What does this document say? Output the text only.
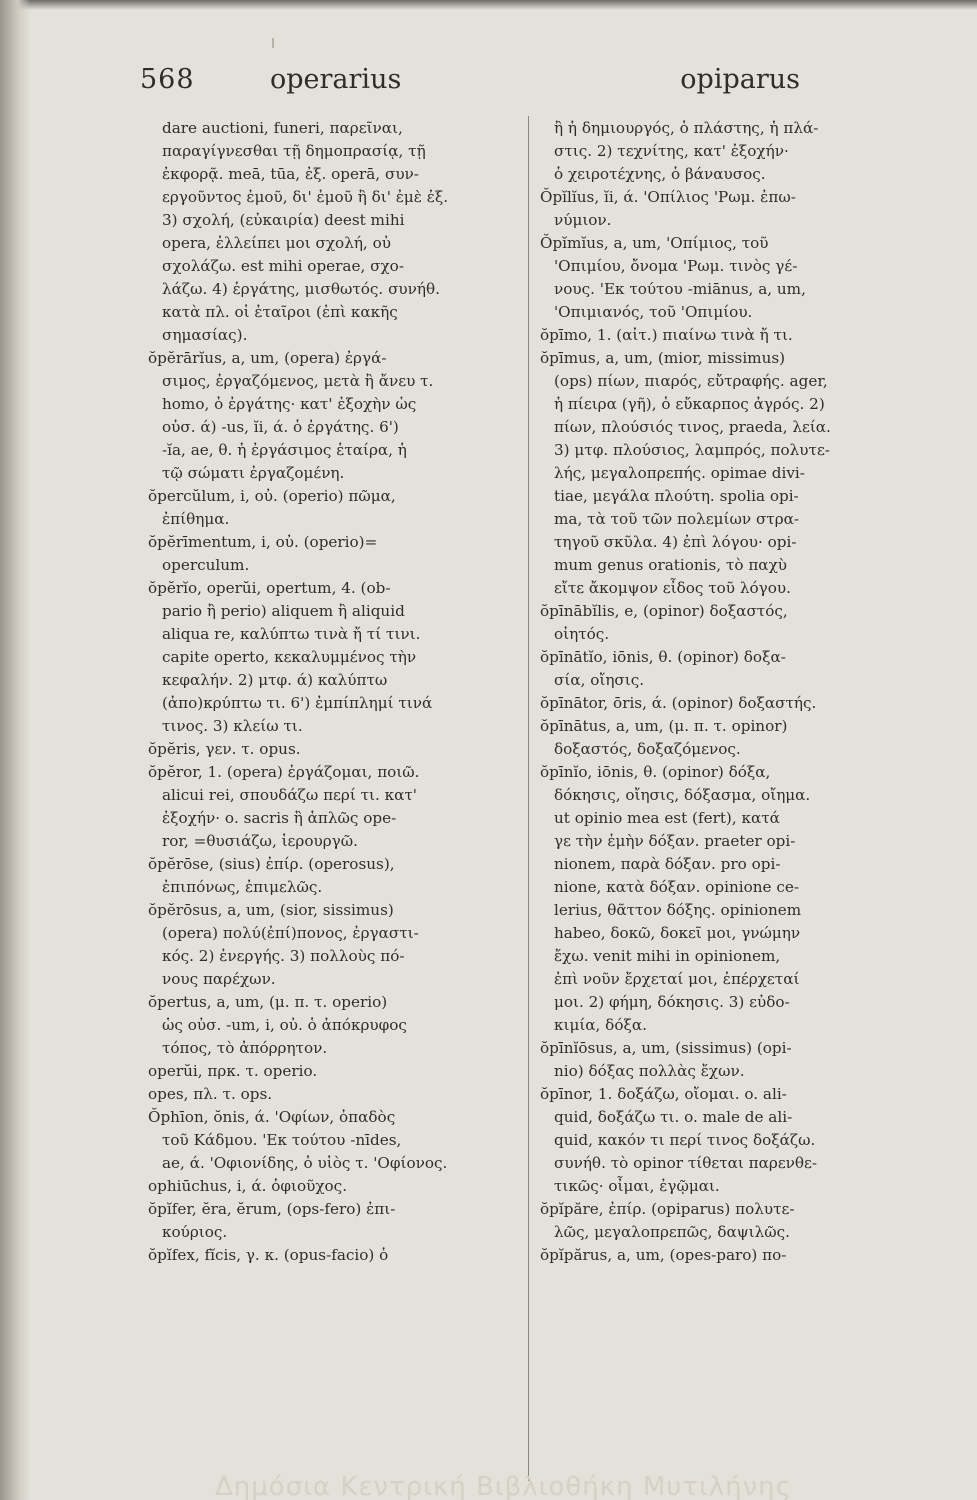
568	operarius	opiparus
dare auctioni, funeri, παρεῖναι,
παραγίγνεσθαι τῇ δημοπρασίᾳ, τῇ
ἐκφορᾷ. meā, tūa, ἐξ. operā, συν-
εργοῦντος ἐμοῦ, δι' ἐμοῦ ἢ δι' ἐμὲ ἐξ.
3) σχολή, (εὐκαιρία) deest mihi
opera, ἐλλείπει μοι σχολή, οὐ
σχολάζω. est mihi operae, σχο-
λάζω. 4) ἐργάτης, μισθωτός. συνήθ.
κατὰ πλ. οἱ ἑταῖροι (ἐπὶ κακῆς
σημασίας).
ŏpĕrārĭus, a, um, (opera) ἐργά-
σιμος, ἐργαζόμενος, μετὰ ἢ ἄνευ τ.
homo, ὁ ἐργάτης· κατ' ἐξοχὴν ὡς
οὐσ. ά) -us, ĭi, ά. ὁ ἐργάτης. 6')
-ĭa, ae, θ. ἡ ἐργάσιμος ἑταίρα, ἡ
τῷ σώματι ἐργαζομένη.
ŏpercŭlum, i, οὐ. (operio) πῶμα,
ἐπίθημα.
ŏpĕrīmentum, i, οὐ. (operio)=
operculum.
ŏpĕrĭo, operŭi, opertum, 4. (ob-
pario ἢ perio) aliquem ἢ aliquid
aliqua re, καλύπτω τινὰ ἤ τί τινι.
capite operto, κεκαλυμμένος τὴν
κεφαλήν. 2) μτφ. ά) καλύπτω
(ἀπο)κρύπτω τι. 6') ἐμπίπλημί τινά
τινος. 3) κλείω τι.
ŏpĕris, γεν. τ. opus.
ŏpĕror, 1. (opera) ἐργάζομαι, ποιῶ.
alicui rei, σπουδάζω περί τι. κατ'
ἐξοχήν· ο. sacris ἢ ἁπλῶς ope-
ror, =θυσιάζω, ἱερουργῶ.
ŏpĕrōse, (sius) ἐπίρ. (operosus),
ἐπιπόνως, ἐπιμελῶς.
ŏpĕrōsus, a, um, (sior, sissimus)
(opera) πολύ(ἐπί)πονος, ἐργαστι-
κός. 2) ἐνεργής. 3) πολλοὺς πό-
νους παρέχων.
ŏpertus, a, um, (μ. π. τ. operio)
ὡς οὐσ. -um, i, οὐ. ὁ ἀπόκρυφος
τόπος, τὸ ἀπόρρητον.
operŭi, πρκ. τ. operio.
opes, πλ. τ. ops.
Ŏphīon, ŏnis, ά. 'Οφίων, ὀπαδὸς
τοῦ Κάδμου. 'Εκ τούτου -nīdes,
ae, ά. 'Οφιονίδης, ὁ υἱὸς τ. 'Οφίονος.
ophiūchus, i, ά. ὀφιοῦχος.
ŏpĭfer, ĕra, ĕrum, (ops-fero) ἐπι-
κούριος.
ŏpĭfex, fĭcis, γ. κ. (opus-facio) ὁ
ἢ ἡ δημιουργός, ὁ πλάστης, ἡ πλά-
στις. 2) τεχνίτης, κατ' ἐξοχήν·
ὁ χειροτέχνης, ὁ βάναυσος.
Ŏpĭlĭus, ĭi, ά. 'Οπίλιος 'Ρωμ. ἐπω-
νύμιον.
Ŏpĭmĭus, a, um, 'Οπίμιος, τοῦ
'Οπιμίου, ὄνομα 'Ρωμ. τινὸς γέ-
νους. 'Εκ τούτου -miānus, a, um,
'Οπιμιανός, τοῦ 'Οπιμίου.
ŏpīmo, 1. (αἰτ.) πιαίνω τινὰ ἤ τι.
ŏpīmus, a, um, (mior, missimus)
(ops) πίων, πιαρός, εὔτραφής. ager,
ἡ πίειρα (γῆ), ὁ εὔκαρπος ἀγρός. 2)
πίων, πλούσιός τινος, praeda, λεία.
3) μτφ. πλούσιος, λαμπρός, πολυτε-
λής, μεγαλοπρεπής. opimae divi-
tiae, μεγάλα πλούτη. spolia opi-
ma, τὰ τοῦ τῶν πολεμίων στρα-
τηγοῦ σκῦλα. 4) ἐπὶ λόγου· opi-
mum genus orationis, τὸ παχὺ
εἴτε ἄκομψον εἶδος τοῦ λόγου.
ŏpīnābĭlis, e, (opinor) δοξαστός,
οἰητός.
ŏpīnātĭo, iōnis, θ. (opinor) δοξα-
σία, οἴησις.
ŏpīnātor, ōris, ά. (opinor) δοξαστής.
ŏpīnātus, a, um, (μ. π. τ. opinor)
δοξαστός, δοξαζόμενος.
ŏpīnĭo, iōnis, θ. (opinor) δόξα,
δόκησις, οἴησις, δόξασμα, οἴημα.
ut opinio mea est (fert), κατά
γε τὴν ἐμὴν δόξαν. praeter opi-
nionem, παρὰ δόξαν. pro opi-
nione, κατὰ δόξαν. opinione ce-
lerius, θᾶττον δόξης. opinionem
habeo, δοκῶ, δοκεῖ μοι, γνώμην
ἔχω. venit mihi in opinionem,
ἐπὶ νοῦν ἔρχεταί μοι, ἐπέρχεταί
μοι. 2) φήμη, δόκησις. 3) εὐδο-
κιμία, δόξα.
ŏpīnĭōsus, a, um, (sissimus) (opi-
nio) δόξας πολλὰς ἔχων.
ŏpīnor, 1. δοξάζω, οἴομαι. o. ali-
quid, δοξάζω τι. o. male de ali-
quid, κακόν τι περί τινος δοξάζω.
συνήθ. τὸ opinor τίθεται παρενθε-
τικῶς· οἶμαι, ἐγῷμαι.
ŏpĭpăre, ἐπίρ. (opiparus) πολυτε-
λῶς, μεγαλοπρεπῶς, δαψιλῶς.
ŏpĭpărus, a, um, (opes-paro) πο-
Δημόσια Κεντρική Βιβλιοθήκη Μυτιλήνης
